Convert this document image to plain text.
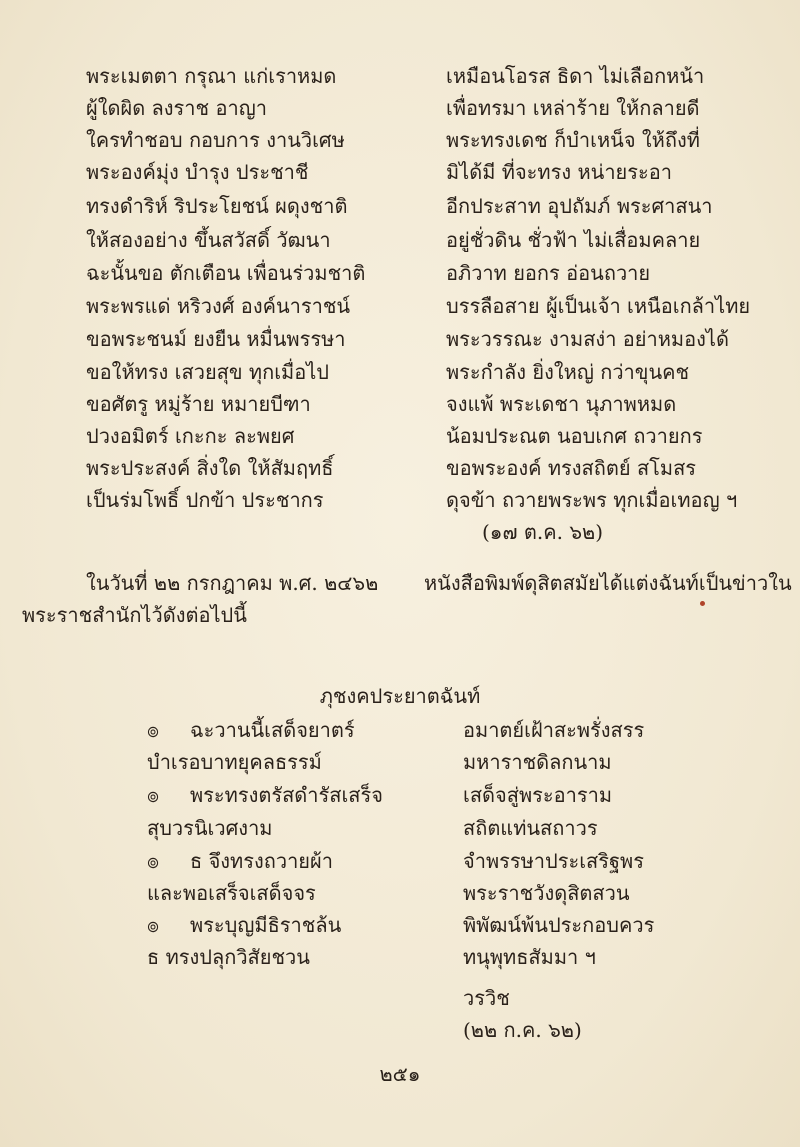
พระเมตตา กรุณา แก่เราหมด
ผู้ใดผิด ลงราช อาญา
ใครทำชอบ กอบการ งานวิเศษ
พระองค์มุ่ง บำรุง ประชาชี
ทรงดำริห์ ริประโยชน์ ผดุงชาติ
ให้สองอย่าง ขึ้นสวัสดิ์ วัฒนา
ฉะนั้นขอ ตักเตือน เพื่อนร่วมชาติ
พระพรแด่ หริวงศ์ องค์นาราชน์
ขอพระชนม์ ยงยืน หมื่นพรรษา
ขอให้ทรง เสวยสุข ทุกเมื่อไป
ขอศัตรู หมู่ร้าย หมายบีฑา
ปวงอมิตร์ เกะกะ ละพยศ
พระประสงค์ สิ่งใด ให้สัมฤทธิ์
เป็นร่มโพธิ์ ปกข้า ประชากร
เหมือนโอรส ธิดา ไม่เลือกหน้า
เพื่อทรมา เหล่าร้าย ให้กลายดี
พระทรงเดช ก็บำเหน็จ ให้ถึงที่
มิได้มี ที่จะทรง หน่ายระอา
อีกประสาท อุปถัมภ์ พระศาสนา
อยู่ชั่วดิน ชั่วฟ้า ไม่เสื่อมคลาย
อภิวาท ยอกร อ่อนถวาย
บรรลือสาย ผู้เป็นเจ้า เหนือเกล้าไทย
พระวรรณะ งามสง่า อย่าหมองได้
พระกำลัง ยิ่งใหญ่ กว่าขุนคช
จงแพ้ พระเดชา นุภาพหมด
น้อมประณต นอบเกศ ถวายกร
ขอพระองค์ ทรงสถิตย์ สโมสร
ดุจข้า ถวายพระพร ทุกเมื่อเทอญ ฯ
(๑๗ ต.ค. ๖๒)
ในวันที่ ๒๒ กรกฎาคม พ.ศ. ๒๔๖๒ หนังสือพิมพ์ดุสิตสมัยได้แต่งฉันท์เป็นข่าวใน
พระราชสำนักไว้ดังต่อไปนี้
ภุชงคประยาตฉันท์
๏
๏
๏
๏
ฉะวานนี้เสด็จยาตร์
บำเรอบาทยุคลธรรม์
พระทรงตรัสดำรัสเสร็จ
สุบวรนิเวศงาม
ธ จึงทรงถวายผ้า
และพอเสร็จเสด็จจร
พระบุญมีธิราชล้น
ธ ทรงปลุกวิสัยชวน
อมาตย์เฝ้าสะพรั่งสรร
มหาราชดิลกนาม
เสด็จสู่พระอาราม
สถิตแท่นสถาวร
จำพรรษาประเสริฐพร
พระราชวังดุสิตสวน
พิพัฒน์พ้นประกอบควร
ทนุพุทธสัมมา ฯ
วรวิช
(๒๒ ก.ค. ๖๒)
๒๕๑
